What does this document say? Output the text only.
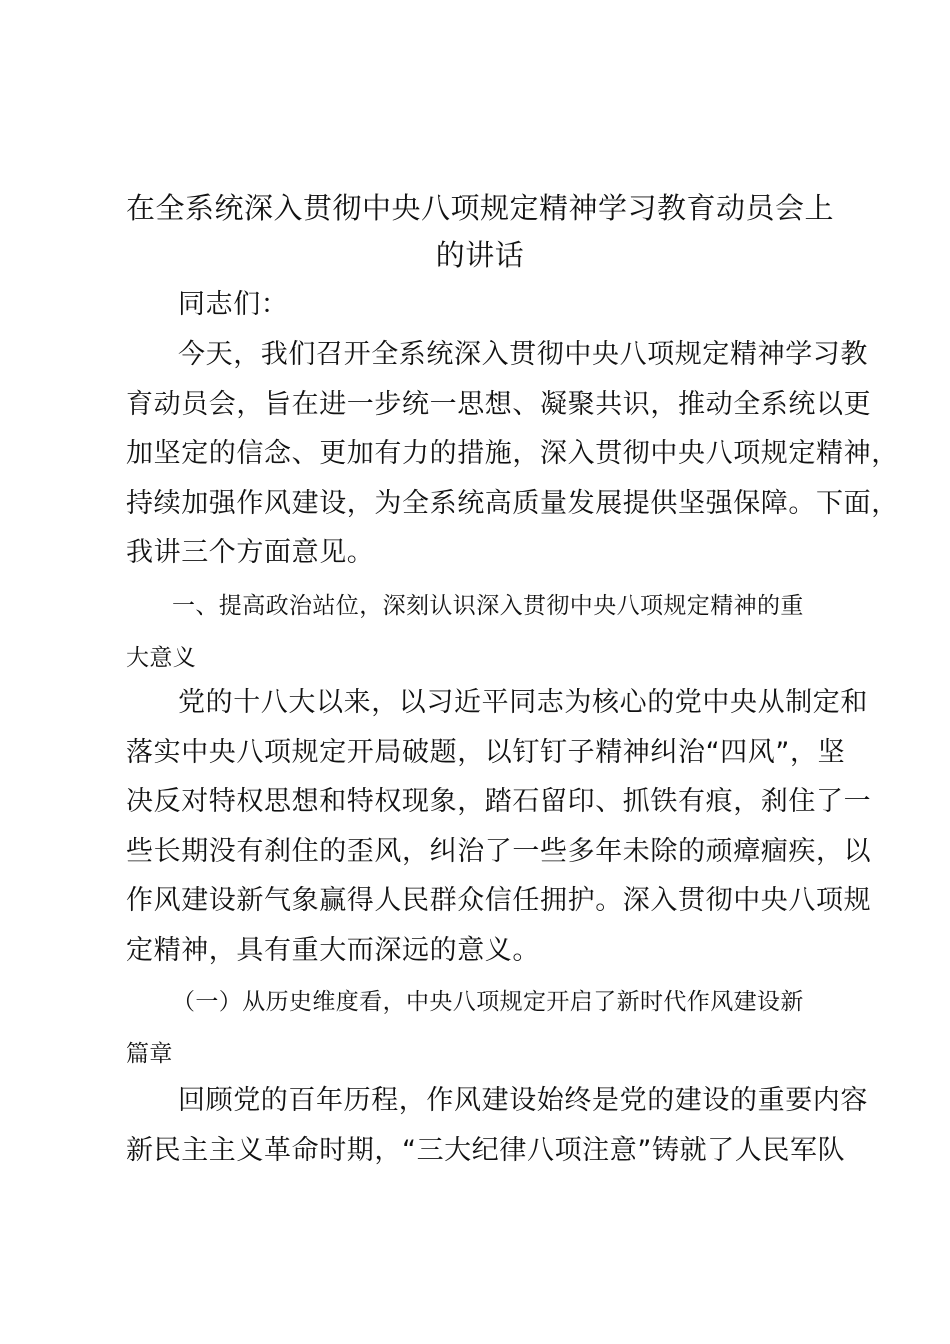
在全系统深入贯彻中央八项规定精神学习教育动员会上
的讲话

同志们：

今天，我们召开全系统深入贯彻中央八项规定精神学习教
育动员会，旨在进一步统一思想、凝聚共识，推动全系统以更
加坚定的信念、更加有力的措施，深入贯彻中央八项规定精神，
持续加强作风建设，为全系统高质量发展提供坚强保障。下面，
我讲三个方面意见。

一、提高政治站位，深刻认识深入贯彻中央八项规定精神的重
大意义

党的十八大以来，以习近平同志为核心的党中央从制定和
落实中央八项规定开局破题，以钉钉子精神纠治“四风”，坚
决反对特权思想和特权现象，踏石留印、抓铁有痕，刹住了一
些长期没有刹住的歪风，纠治了一些多年未除的顽瘴痼疾，以
作风建设新气象赢得人民群众信任拥护。深入贯彻中央八项规
定精神，具有重大而深远的意义。

（一）从历史维度看，中央八项规定开启了新时代作风建设新
篇章

回顾党的百年历程，作风建设始终是党的建设的重要内容
新民主主义革命时期，“三大纪律八项注意”铸就了人民军队
